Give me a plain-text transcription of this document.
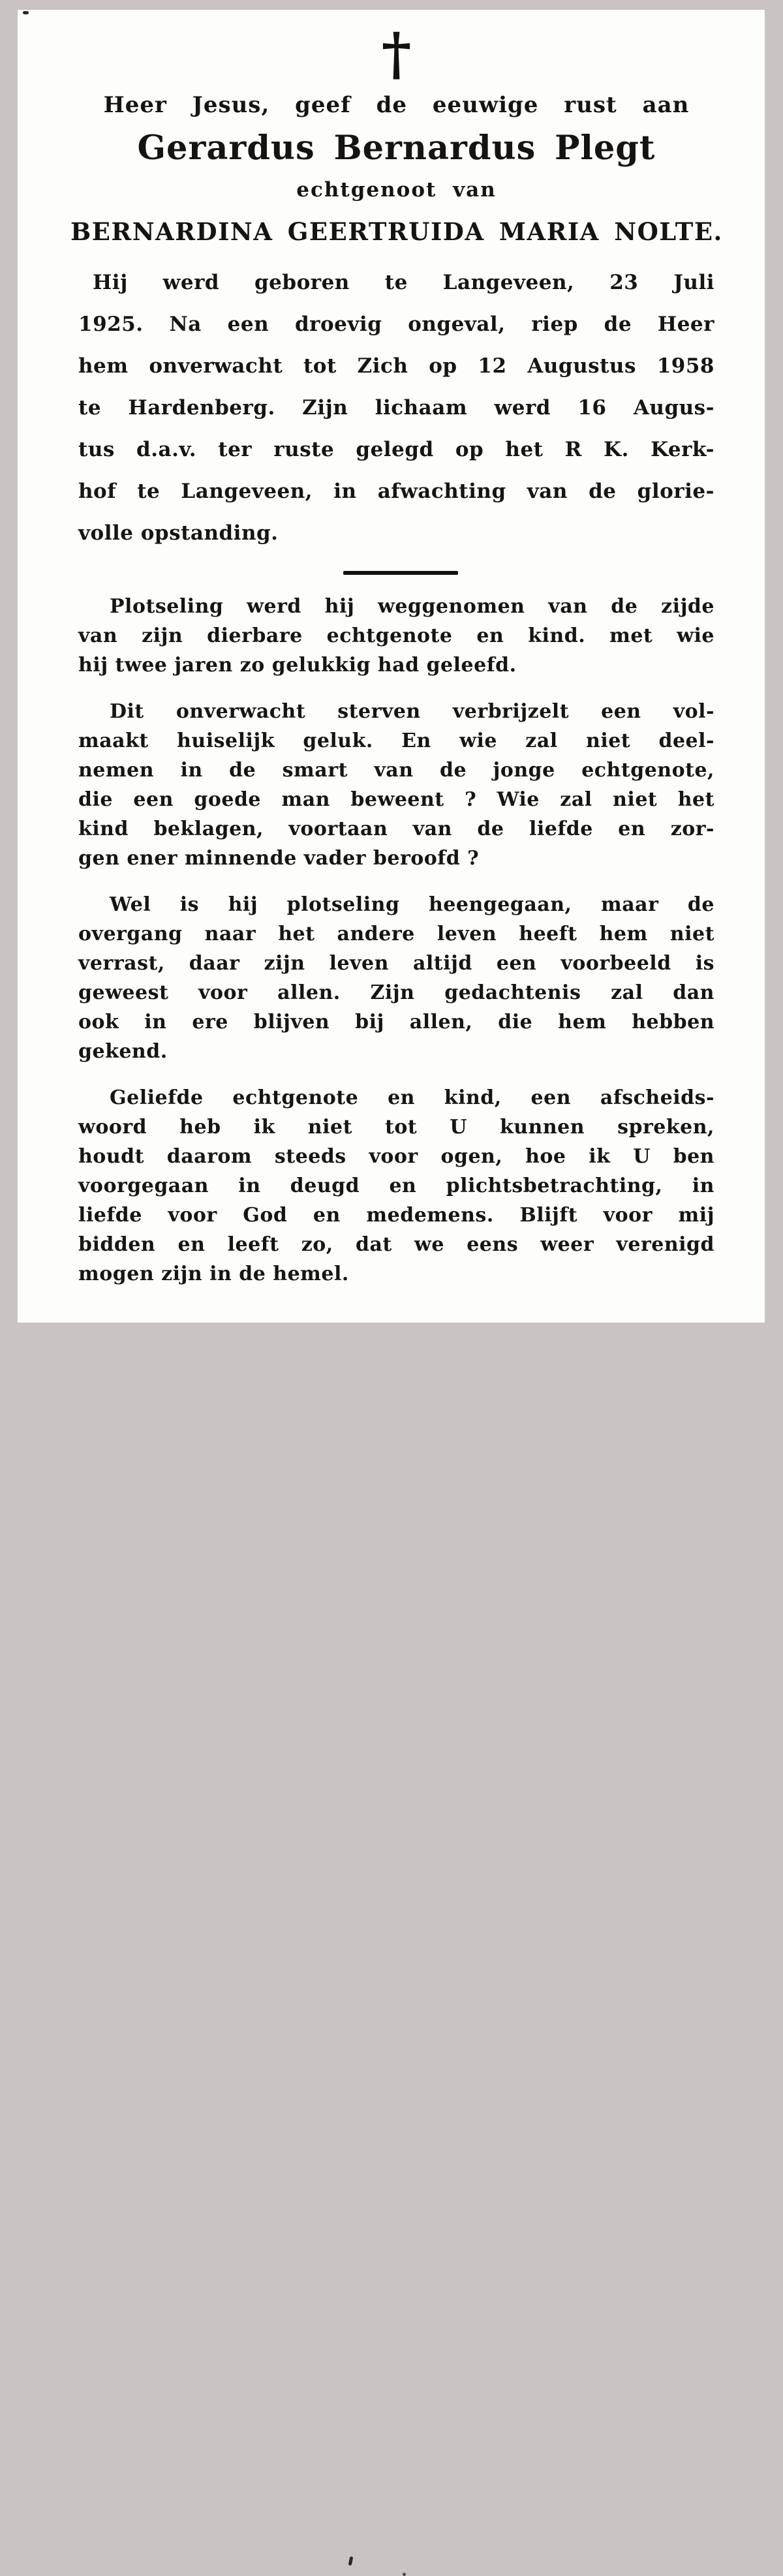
†
Heer Jesus, geef de eeuwige rust aan
Gerardus Bernardus Plegt
echtgenoot van
BERNARDINA GEERTRUIDA MARIA NOLTE.
Hij werd geboren te Langeveen, 23 Juli
1925. Na een droevig ongeval, riep de Heer
hem onverwacht tot Zich op 12 Augustus 1958
te Hardenberg. Zijn lichaam werd 16 Augus-
tus d.a.v. ter ruste gelegd op het R K. Kerk-
hof te Langeveen, in afwachting van de glorie-
volle opstanding.
Plotseling werd hij weggenomen van de zijde
van zijn dierbare echtgenote en kind. met wie
hij twee jaren zo gelukkig had geleefd.
Dit onverwacht sterven verbrijzelt een vol-
maakt huiselijk geluk. En wie zal niet deel-
nemen in de smart van de jonge echtgenote,
die een goede man beweent ? Wie zal niet het
kind beklagen, voortaan van de liefde en zor-
gen ener minnende vader beroofd ?
Wel is hij plotseling heengegaan, maar de
overgang naar het andere leven heeft hem niet
verrast, daar zijn leven altijd een voorbeeld is
geweest voor allen. Zijn gedachtenis zal dan
ook in ere blijven bij allen, die hem hebben
gekend.
Geliefde echtgenote en kind, een afscheids-
woord heb ik niet tot U kunnen spreken,
houdt daarom steeds voor ogen, hoe ik U ben
voorgegaan in deugd en plichtsbetrachting, in
liefde voor God en medemens. Blijft voor mij
bidden en leeft zo, dat we eens weer verenigd
mogen zijn in de hemel.
